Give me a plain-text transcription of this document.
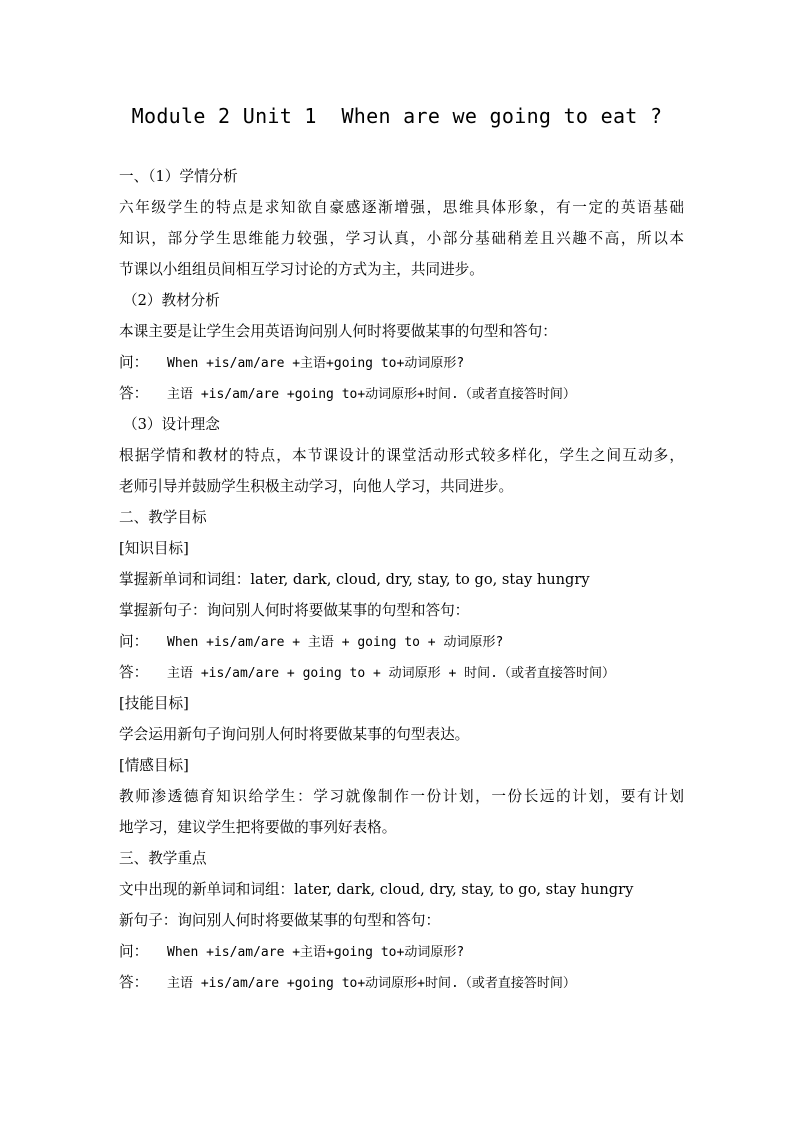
Module 2 Unit 1  When are we going to eat ?
一、（1）学情分析
六年级学生的特点是求知欲自豪感逐渐增强，思维具体形象，有一定的英语基础
知识，部分学生思维能力较强，学习认真，小部分基础稍差且兴趣不高，所以本
节课以小组组员间相互学习讨论的方式为主，共同进步。
（2）教材分析
本课主要是让学生会用英语询问别人何时将要做某事的句型和答句：
问： When +is/am/are +主语+going to+动词原形?
答： 主语 +is/am/are +going to+动词原形+时间.（或者直接答时间）
（3）设计理念
根据学情和教材的特点，本节课设计的课堂活动形式较多样化，学生之间互动多，
老师引导并鼓励学生积极主动学习，向他人学习，共同进步。
二、教学目标
[知识目标]
掌握新单词和词组：later, dark, cloud, dry, stay, to go, stay hungry
掌握新句子：询问别人何时将要做某事的句型和答句：
问： When +is/am/are + 主语 + going to + 动词原形?
答： 主语 +is/am/are + going to + 动词原形 + 时间.（或者直接答时间）
[技能目标]
学会运用新句子询问别人何时将要做某事的句型表达。
[情感目标]
教师渗透德育知识给学生：学习就像制作一份计划，一份长远的计划，要有计划
地学习，建议学生把将要做的事列好表格。
三、教学重点
文中出现的新单词和词组：later, dark, cloud, dry, stay, to go, stay hungry
新句子：询问别人何时将要做某事的句型和答句：
问： When +is/am/are +主语+going to+动词原形?
答： 主语 +is/am/are +going to+动词原形+时间.（或者直接答时间）
